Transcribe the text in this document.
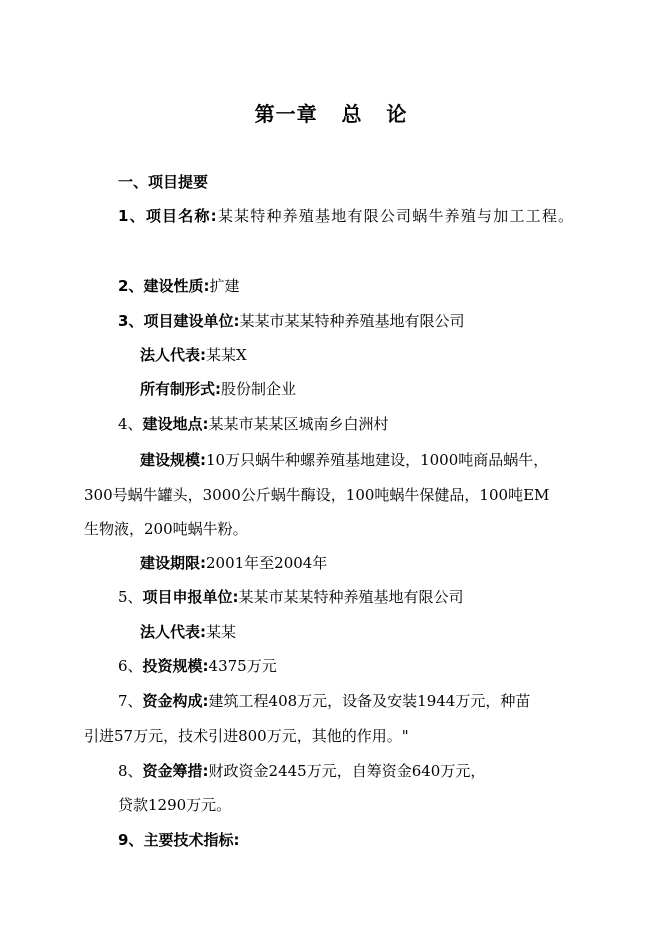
第一章   总   论
一、项目提要
1、项目名称:某某特种养殖基地有限公司蜗牛养殖与加工工程。
2、建设性质:扩建
3、项目建设单位:某某市某某特种养殖基地有限公司
法人代表:某某X
所有制形式:股份制企业
4、建设地点:某某市某某区城南乡白洲村
建设规模:10万只蜗牛种螺养殖基地建设，1000吨商品蜗牛，
300号蜗牛罐头，3000公斤蜗牛酶设，100吨蜗牛保健品，100吨EM
生物液，200吨蜗牛粉。
建设期限:2001年至2004年
5、项目申报单位:某某市某某特种养殖基地有限公司
法人代表:某某
6、投资规模:4375万元
7、资金构成:建筑工程408万元，设备及安装1944万元，种苗
引进57万元，技术引进800万元，其他的作用。"
8、资金筹措:财政资金2445万元，自筹资金640万元，
贷款1290万元。
9、主要技术指标:
